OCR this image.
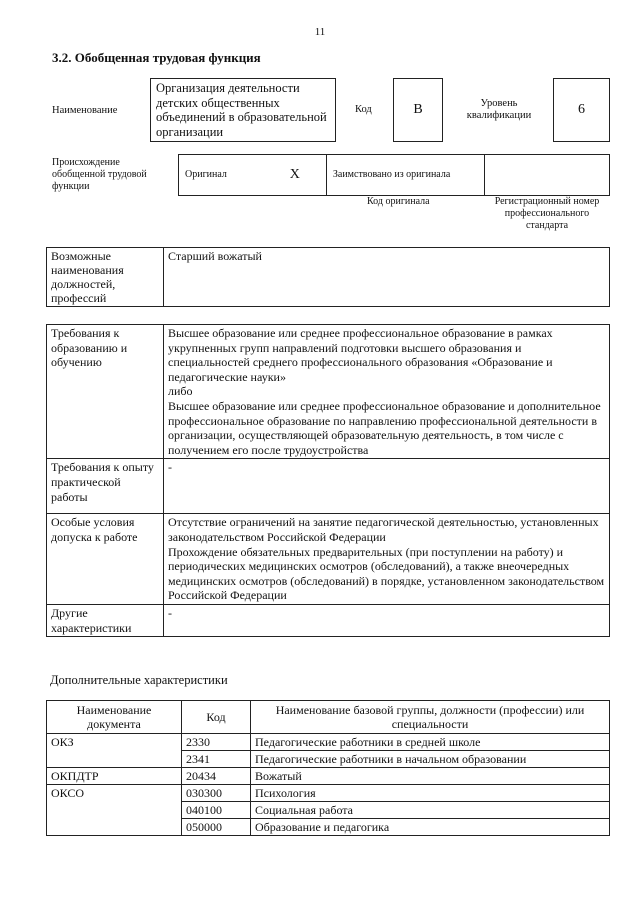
11
3.2. Обобщенная трудовая функция
Наименование
Организация деятельности детских общественных объединений в образовательной организации
Код	B	Уровень квалификации	6
Происхождение обобщенной трудовой функции
Оригинал	X	Заимствовано из оригинала	
Код оригинала	Регистрационный номер профессионального стандарта
Возможные наименования должностей, профессий	Старший вожатый
Требования к образованию и обучению	Высшее образование или среднее профессиональное образование в рамках укрупненных групп направлений подготовки высшего образования и специальностей среднего профессионального образования «Образование и педагогические науки»
либо
Высшее образование или среднее профессиональное образование и дополнительное профессиональное образование по направлению профессиональной деятельности в организации, осуществляющей образовательную деятельность, в том числе с получением его после трудоустройства

Требования к опыту практической работы	-
Особые условия допуска к работе	Отсутствие ограничений на занятие педагогической деятельностью, установленных законодательством Российской Федерации
Прохождение обязательных предварительных (при поступлении на работу) и периодических медицинских осмотров (обследований), а также внеочередных медицинских осмотров (обследований) в порядке, установленном законодательством Российской Федерации

Другие характеристики	-
Дополнительные характеристики
Наименование документа	Код	Наименование базовой группы, должности (профессии) или специальности
ОКЗ	2330	Педагогические работники в средней школе
	2341	Педагогические работники в начальном образовании
ОКПДТР	20434	Вожатый
ОКСО	030300	Психология
	040100	Социальная работа
	050000	Образование и педагогика
